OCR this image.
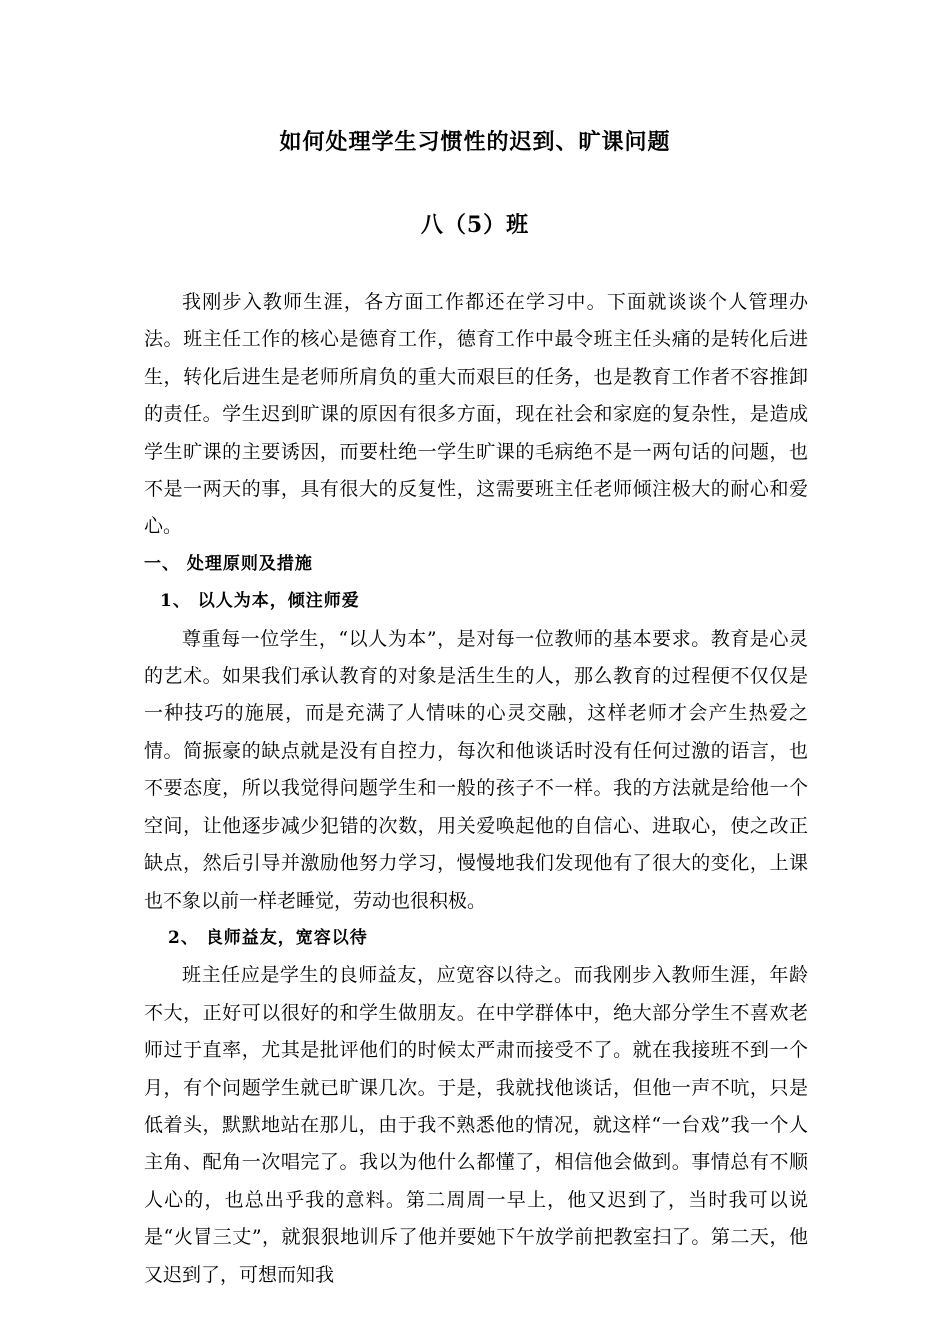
如何处理学生习惯性的迟到、旷课问题
八（5）班

我刚步入教师生涯，各方面工作都还在学习中。下面就谈谈个人管理办法。班主任工作的核心是德育工作，德育工作中最令班主任头痛的是转化后进生，转化后进生是老师所肩负的重大而艰巨的任务，也是教育工作者不容推卸的责任。学生迟到旷课的原因有很多方面，现在社会和家庭的复杂性，是造成学生旷课的主要诱因，而要杜绝一学生旷课的毛病绝不是一两句话的问题，也不是一两天的事，具有很大的反复性，这需要班主任老师倾注极大的耐心和爱心。

一、 处理原则及措施

1、 以人为本，倾注师爱

尊重每一位学生，“以人为本”，是对每一位教师的基本要求。教育是心灵的艺术。如果我们承认教育的对象是活生生的人，那么教育的过程便不仅仅是一种技巧的施展，而是充满了人情味的心灵交融，这样老师才会产生热爱之情。简振豪的缺点就是没有自控力，每次和他谈话时没有任何过激的语言，也不要态度，所以我觉得问题学生和一般的孩子不一样。我的方法就是给他一个空间，让他逐步减少犯错的次数，用关爱唤起他的自信心、进取心，使之改正缺点，然后引导并激励他努力学习，慢慢地我们发现他有了很大的变化，上课也不象以前一样老睡觉，劳动也很积极。

2、 良师益友，宽容以待

班主任应是学生的良师益友，应宽容以待之。而我刚步入教师生涯，年龄不大，正好可以很好的和学生做朋友。在中学群体中，绝大部分学生不喜欢老师过于直率，尤其是批评他们的时候太严肃而接受不了。就在我接班不到一个月，有个问题学生就已旷课几次。于是，我就找他谈话，但他一声不吭，只是低着头，默默地站在那儿，由于我不熟悉他的情况，就这样“一台戏”我一个人主角、配角一次唱完了。我以为他什么都懂了，相信他会做到。事情总有不顺人心的，也总出乎我的意料。第二周周一早上，他又迟到了，当时我可以说是“火冒三丈”，就狠狠地训斥了他并要她下午放学前把教室扫了。第二天，他又迟到了，可想而知我
